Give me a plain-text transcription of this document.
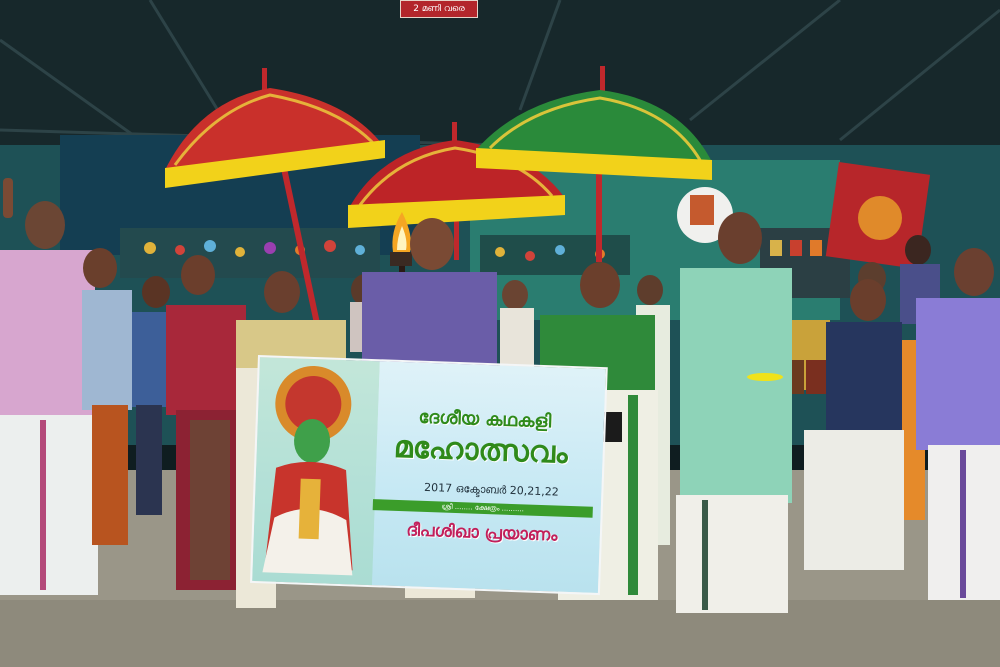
2 മണി വരെ
ദേശീയ കഥകളി
മഹോത്സവം
2017 ഒക്ടോബർ 20,21,22
ശ്രീ ........ ക്ഷേത്രം ..........
ദീപശിഖാ പ്രയാണം
